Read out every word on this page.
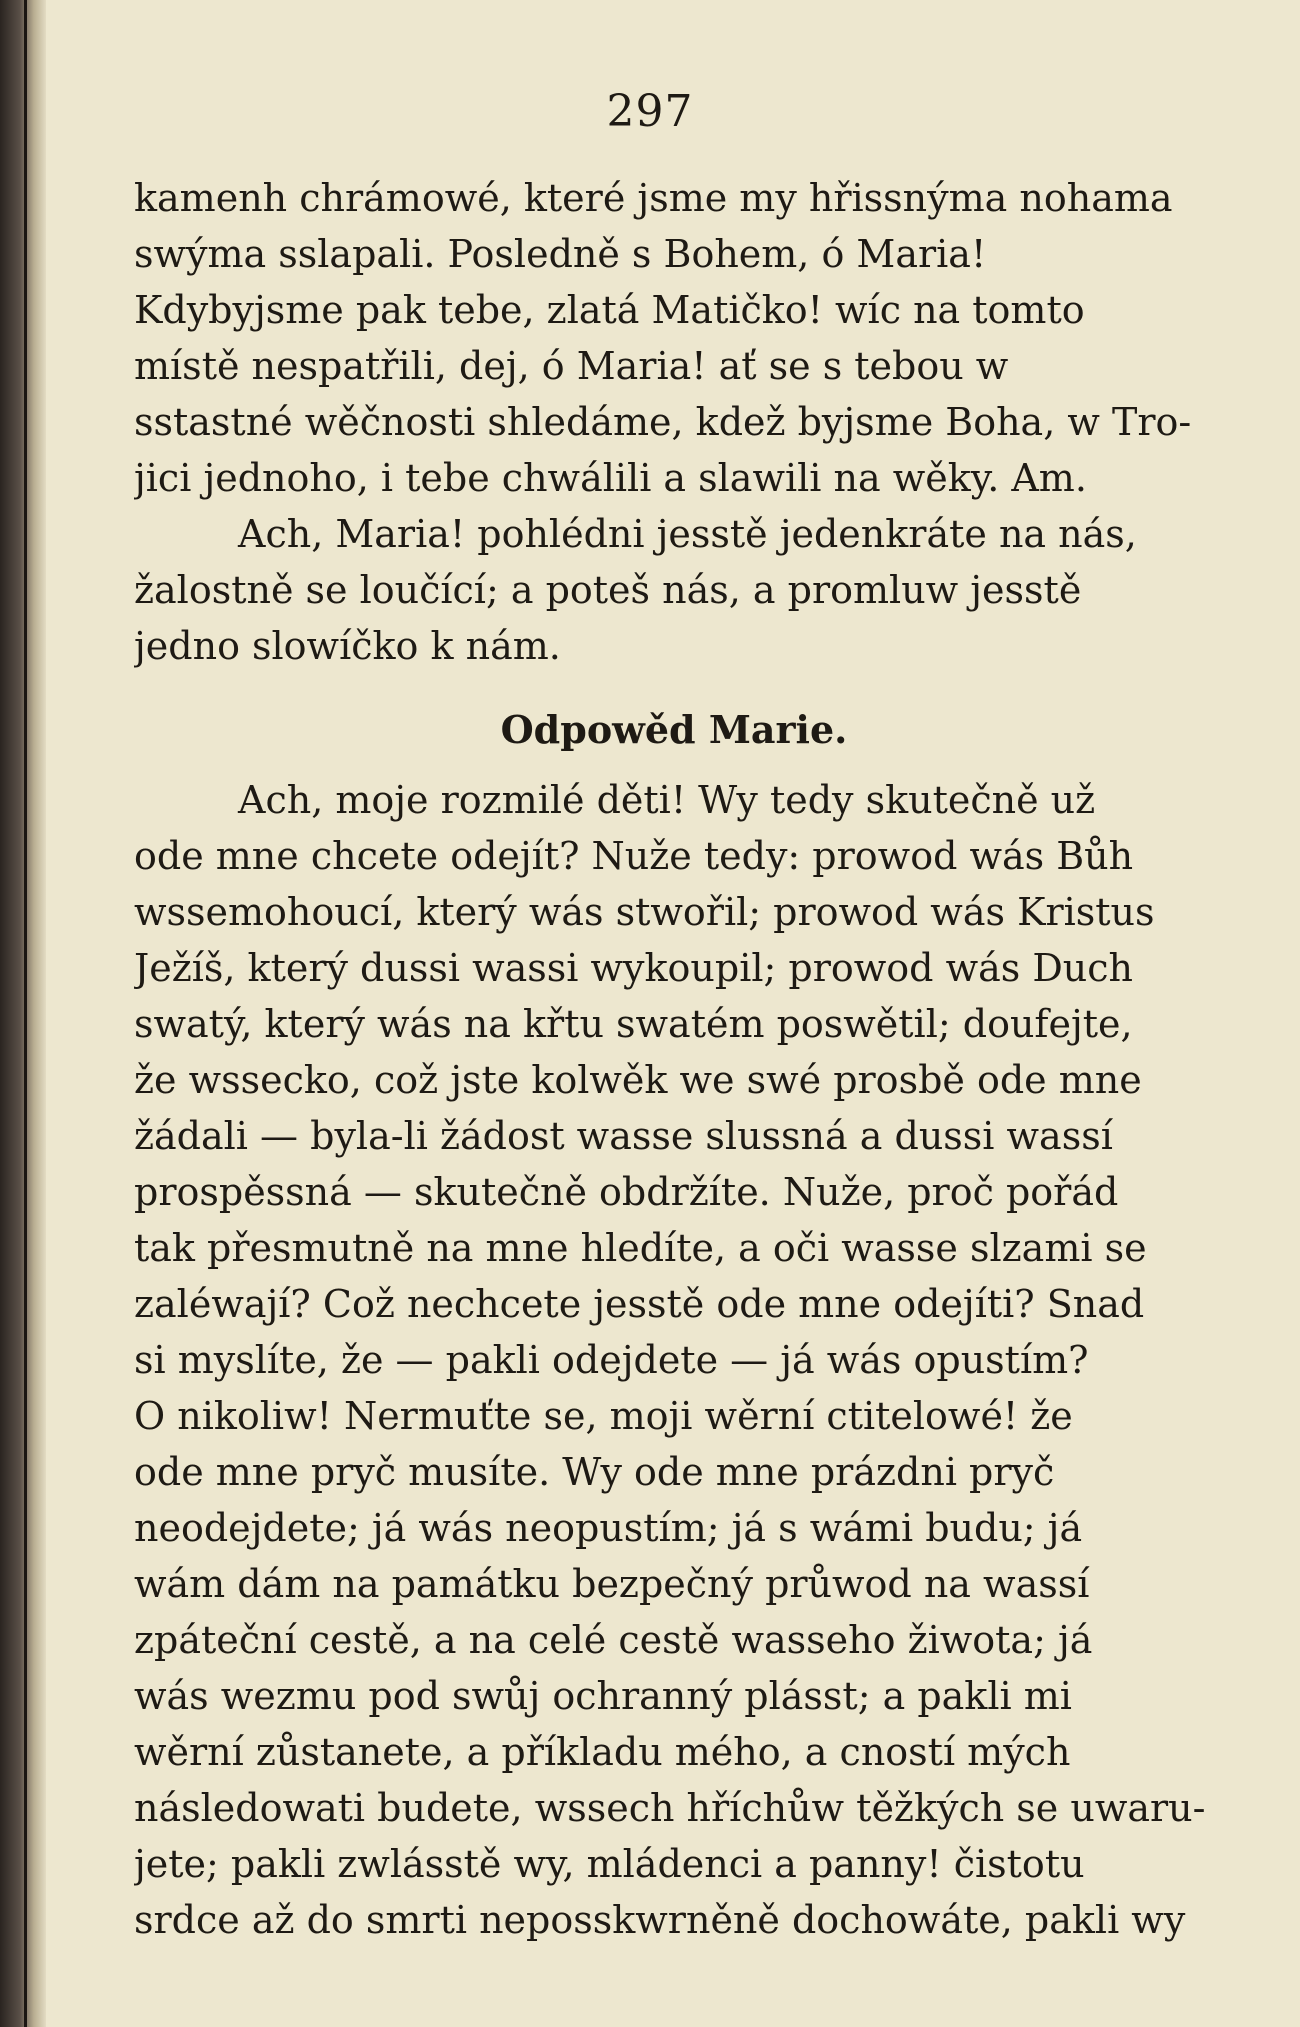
297
kamenh chrámowé, které jsme my hřissnýma nohama
swýma sslapali. Posledně s Bohem, ó Maria!
Kdybyjsme pak tebe, zlatá Matičko! wíc na tomto
místě nespatřili, dej, ó Maria! ať se s tebou w
sstastné wěčnosti shledáme, kdež byjsme Boha, w Tro-
jici jednoho, i tebe chwálili a slawili na wěky. Am.
Ach, Maria! pohlédni jesstě jedenkráte na nás,
žalostně se loučící; a poteš nás, a promluw jesstě
jedno slowíčko k nám.
Odpowěd Marie.
Ach, moje rozmilé děti! Wy tedy skutečně už
ode mne chcete odejít? Nuže tedy: prowod wás Bůh
wssemohoucí, který wás stwořil; prowod wás Kristus
Ježíš, který dussi wassi wykoupil; prowod wás Duch
swatý, který wás na křtu swatém poswětil; doufejte,
že wssecko, což jste kolwěk we swé prosbě ode mne
žádali — byla-li žádost wasse slussná a dussi wassí
prospěssná — skutečně obdržíte. Nuže, proč pořád
tak přesmutně na mne hledíte, a oči wasse slzami se
zaléwají? Což nechcete jesstě ode mne odejíti? Snad
si myslíte, že — pakli odejdete — já wás opustím?
O nikoliw! Nermuťte se, moji wěrní ctitelowé! že
ode mne pryč musíte. Wy ode mne prázdni pryč
neodejdete; já wás neopustím; já s wámi budu; já
wám dám na památku bezpečný průwod na wassí
zpáteční cestě, a na celé cestě wasseho žiwota; já
wás wezmu pod swůj ochranný plásst; a pakli mi
wěrní zůstanete, a příkladu mého, a cností mých
následowati budete, wssech hříchůw těžkých se uwaru-
jete; pakli zwlásstě wy, mládenci a panny! čistotu
srdce až do smrti neposskwrněně dochowáte, pakli wy
